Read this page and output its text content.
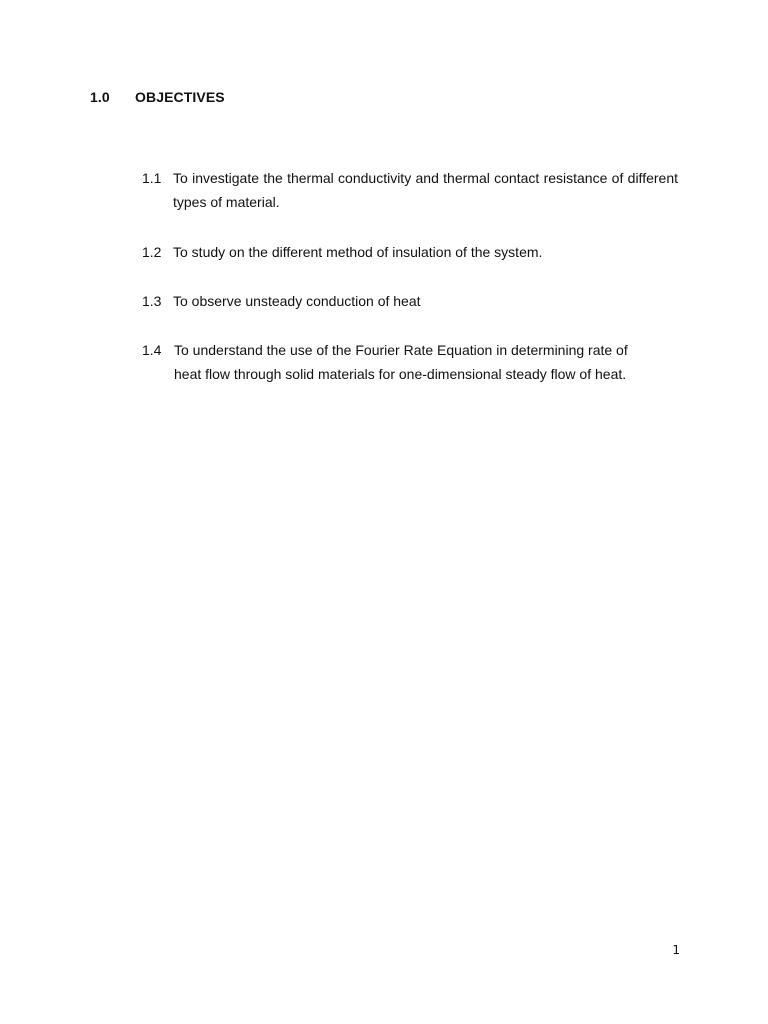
1.0 OBJECTIVES
1.1 To investigate the thermal conductivity and thermal contact resistance of different types of material.
1.2 To study on the different method of insulation of the system.
1.3 To observe unsteady conduction of heat
1.4 To understand the use of the Fourier Rate Equation in determining rate of
heat flow through solid materials for one-dimensional steady flow of heat.
1
